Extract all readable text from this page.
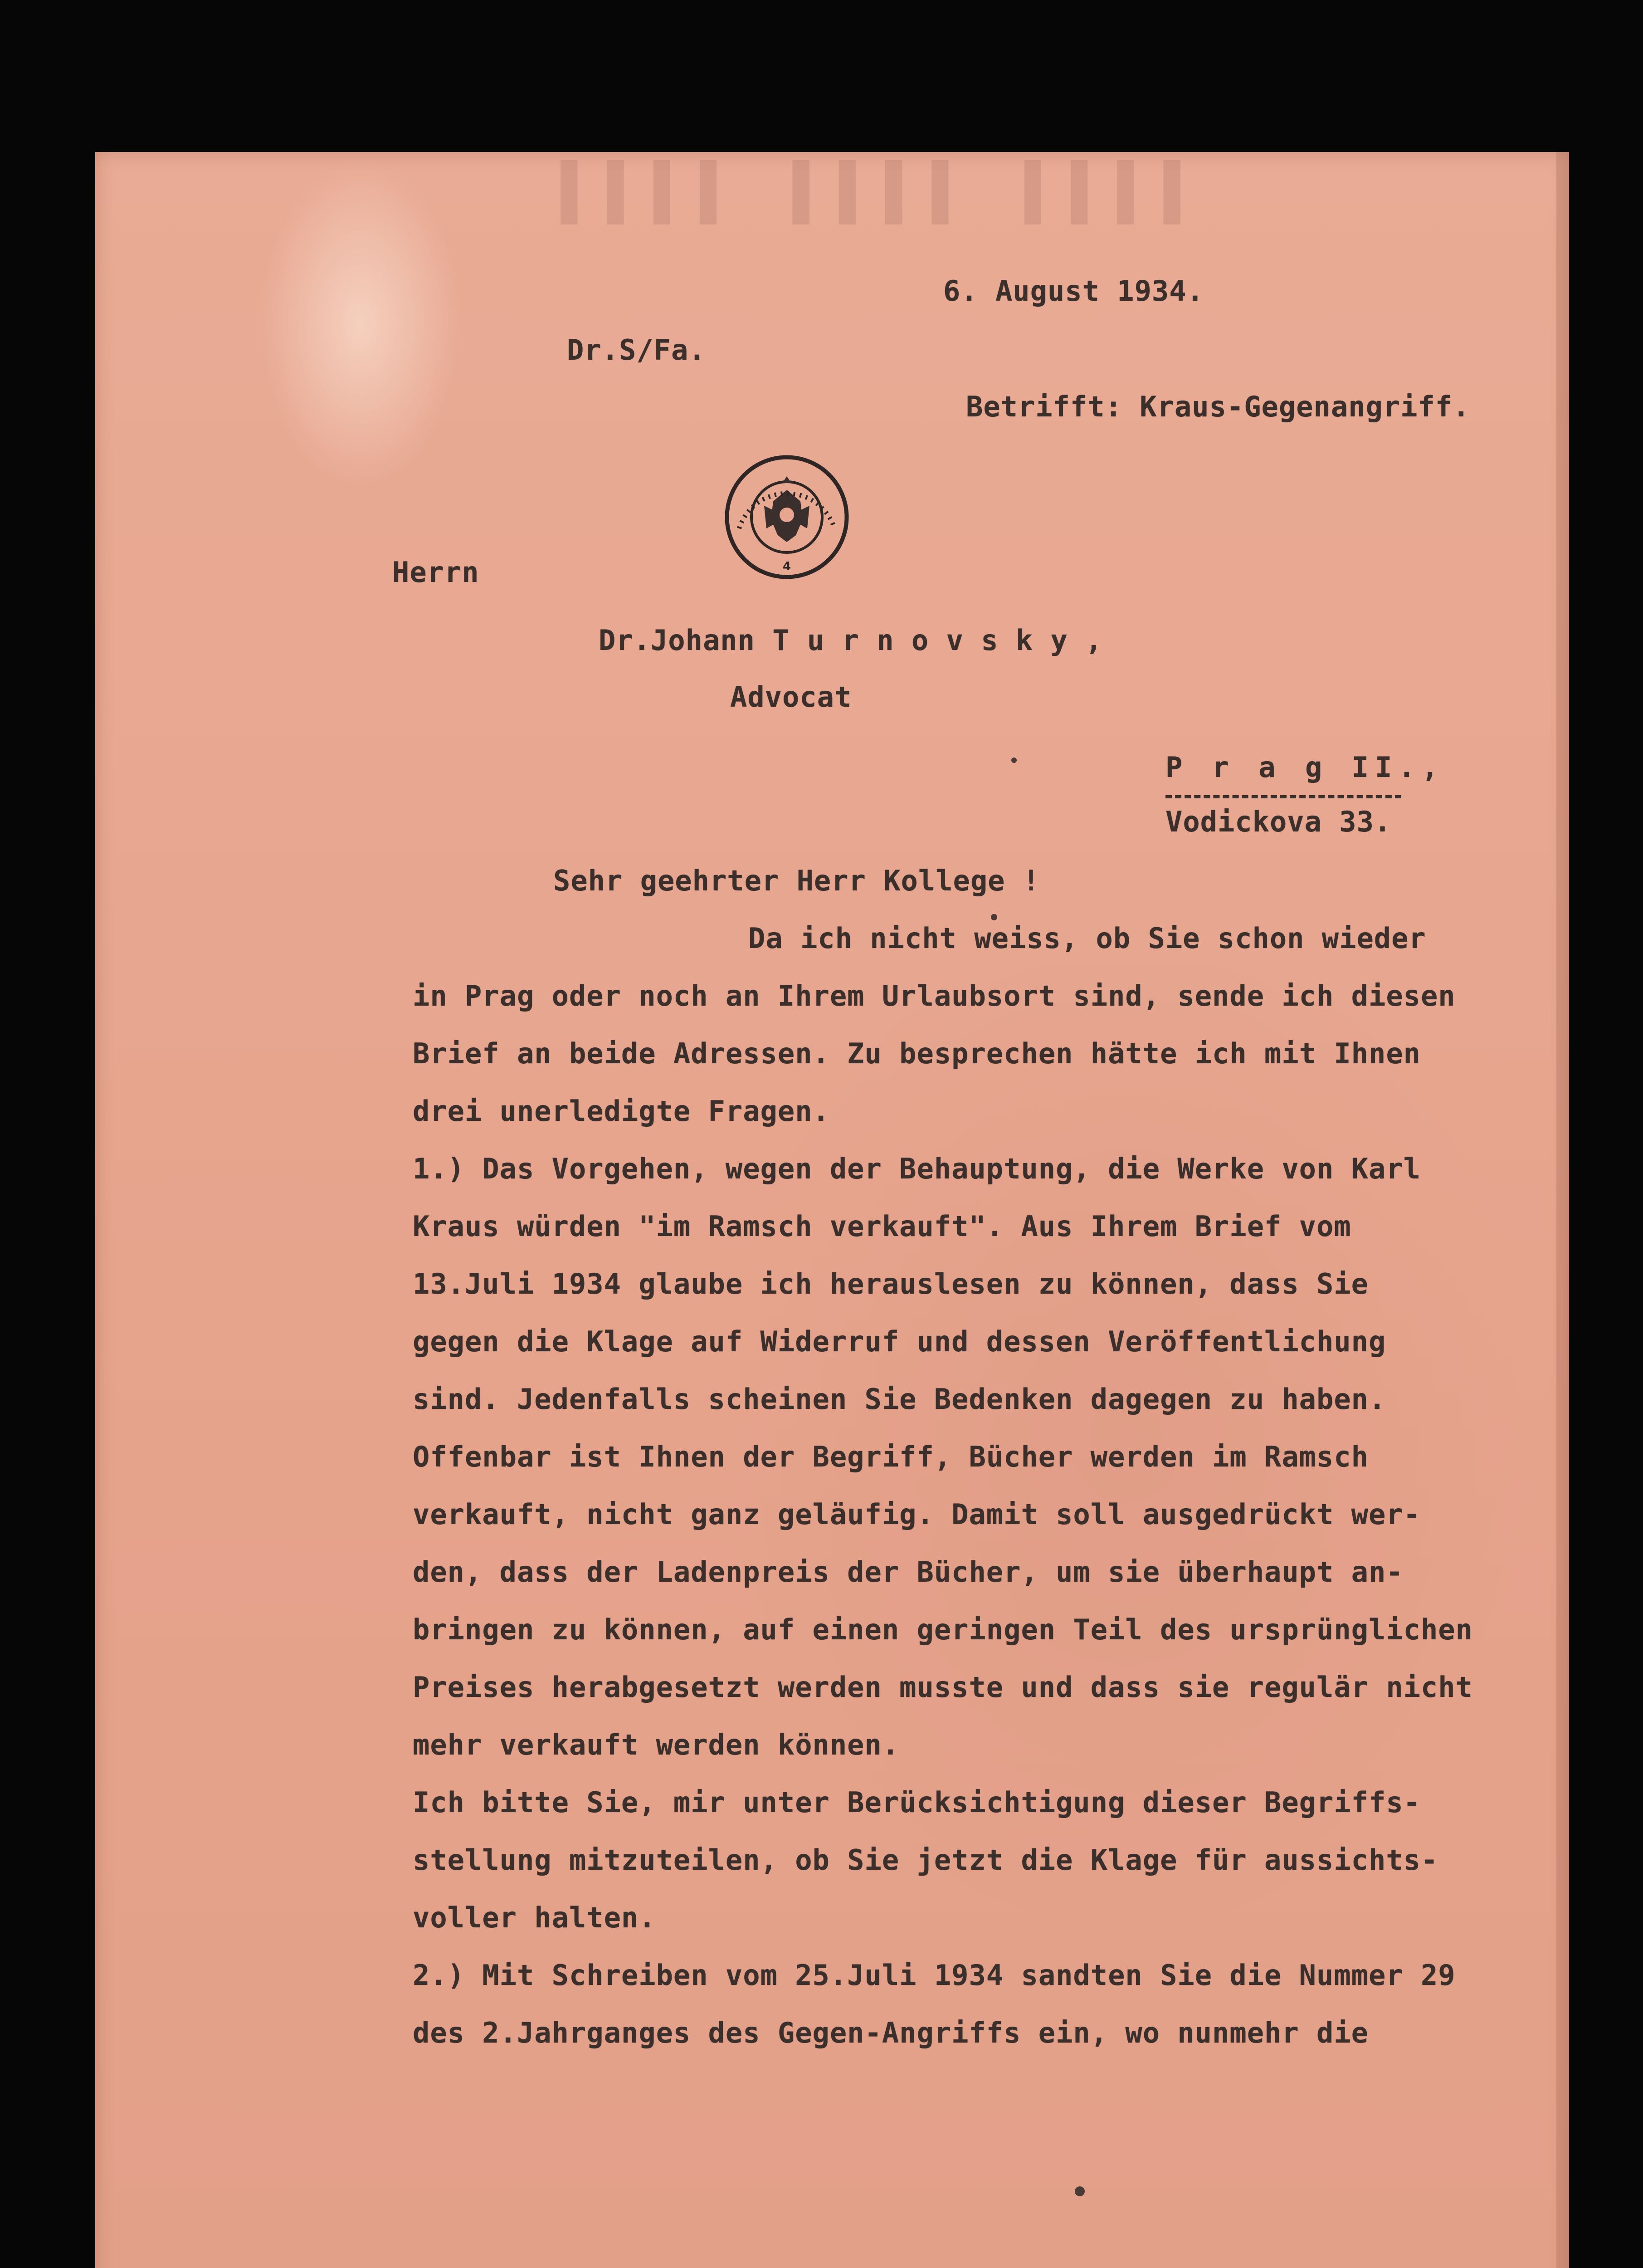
▌▌▌▌ ▌▌▌▌ ▌▌▌▌
6. August 1934.
Dr.S/Fa.
Betrifft: Kraus-Gegenangriff.
4
Herrn
Dr.Johann T u r n o v s k y ,
Advocat
P r a g II.,
Vodickova 33.
Sehr geehrter Herr Kollege !
Da ich nicht weiss, ob Sie schon wieder
in Prag oder noch an Ihrem Urlaubsort sind, sende ich diesen
Brief an beide Adressen. Zu besprechen hätte ich mit Ihnen
drei unerledigte Fragen.
1.) Das Vorgehen, wegen der Behauptung, die Werke von Karl
Kraus würden "im Ramsch verkauft". Aus Ihrem Brief vom
13.Juli 1934 glaube ich herauslesen zu können, dass Sie
gegen die Klage auf Widerruf und dessen Veröffentlichung
sind. Jedenfalls scheinen Sie Bedenken dagegen zu haben.
Offenbar ist Ihnen der Begriff, Bücher werden im Ramsch
verkauft, nicht ganz geläufig. Damit soll ausgedrückt wer-
den, dass der Ladenpreis der Bücher, um sie überhaupt an-
bringen zu können, auf einen geringen Teil des ursprünglichen
Preises herabgesetzt werden musste und dass sie regulär nicht
mehr verkauft werden können.
Ich bitte Sie, mir unter Berücksichtigung dieser Begriffs-
stellung mitzuteilen, ob Sie jetzt die Klage für aussichts-
voller halten.
2.) Mit Schreiben vom 25.Juli 1934 sandten Sie die Nummer 29
des 2.Jahrganges des Gegen-Angriffs ein, wo nunmehr die
